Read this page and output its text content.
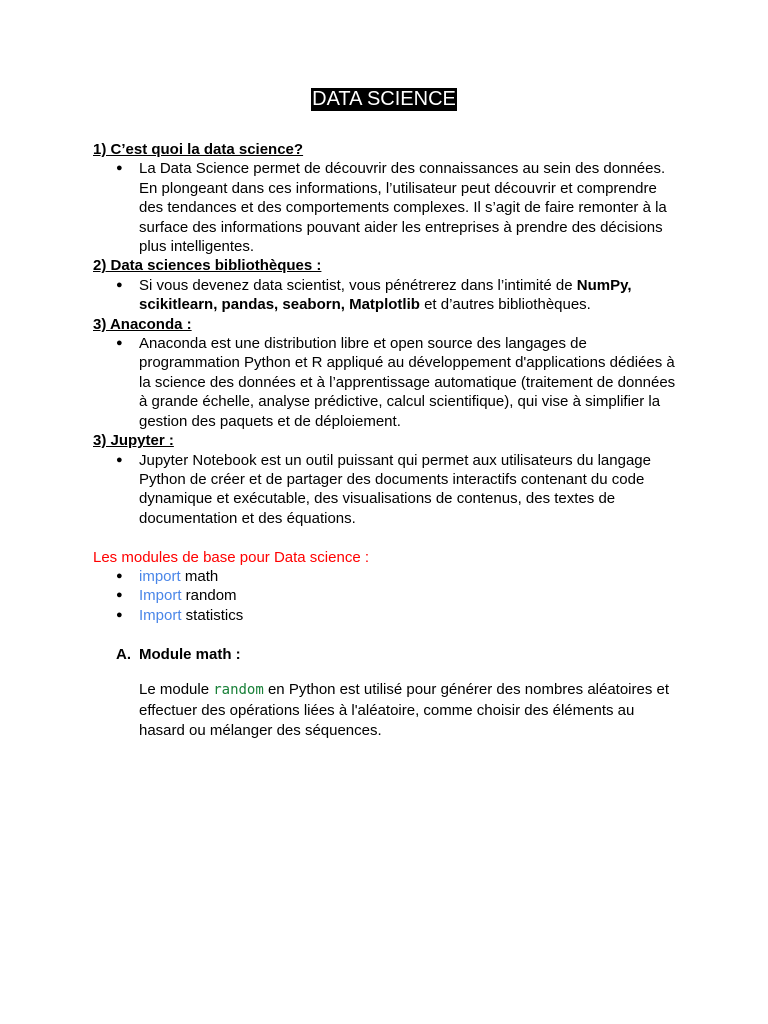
DATA SCIENCE
1) C’est quoi la data science?
● La Data Science permet de découvrir des connaissances au sein des données. En plongeant dans ces informations, l’utilisateur peut découvrir et comprendre des tendances et des comportements complexes. Il s’agit de faire remonter à la surface des informations pouvant aider les entreprises à prendre des décisions plus intelligentes.
2) Data sciences bibliothèques :
● Si vous devenez data scientist, vous pénétrerez dans l’intimité de NumPy, scikitlearn, pandas, seaborn, Matplotlib et d’autres bibliothèques.
3) Anaconda :
● Anaconda est une distribution libre et open source des langages de programmation Python et R appliqué au développement d'applications dédiées à la science des données et à l’apprentissage automatique (traitement de données à grande échelle, analyse prédictive, calcul scientifique), qui vise à simplifier la gestion des paquets et de déploiement.
3) Jupyter :
● Jupyter Notebook est un outil puissant qui permet aux utilisateurs du langage Python de créer et de partager des documents interactifs contenant du code dynamique et exécutable, des visualisations de contenus, des textes de documentation et des équations.
Les modules de base pour Data science :
● import math
● Import random
● Import statistics
A. Module math :
Le module random en Python est utilisé pour générer des nombres aléatoires et effectuer des opérations liées à l'aléatoire, comme choisir des éléments au hasard ou mélanger des séquences.
